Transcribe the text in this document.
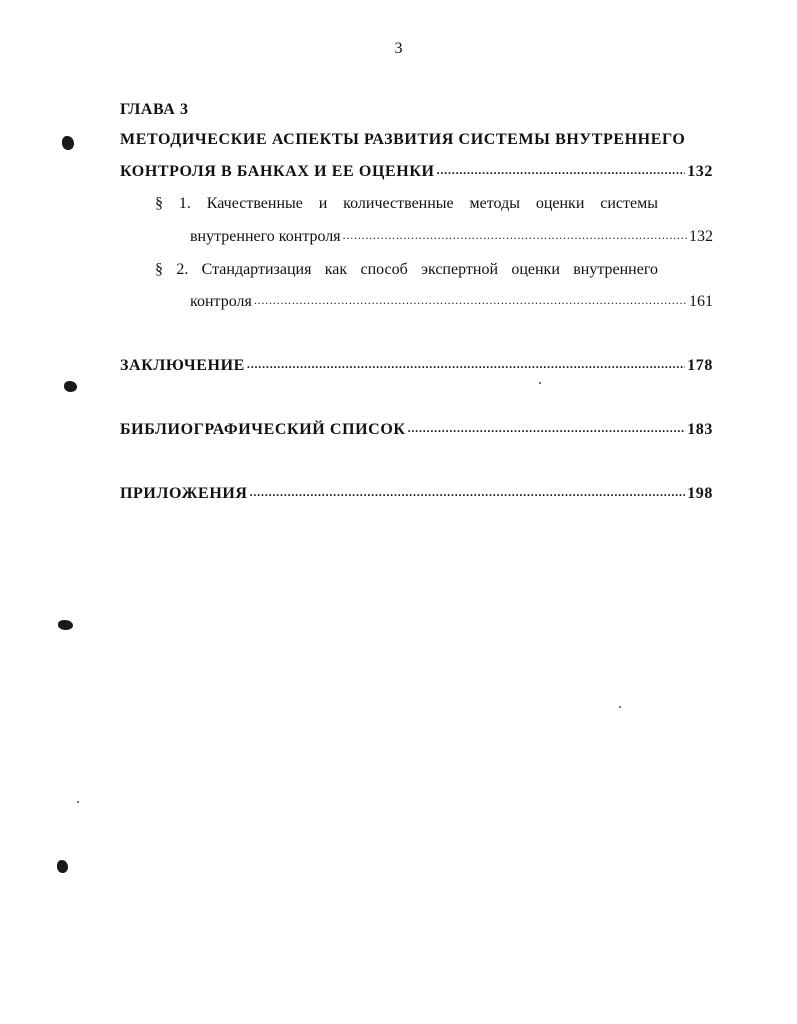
3
ГЛАВА 3
МЕТОДИЧЕСКИЕ АСПЕКТЫ РАЗВИТИЯ СИСТЕМЫ ВНУТРЕННЕГО
КОНТРОЛЯ В БАНКАХ И ЕЕ ОЦЕНКИ .....	132
§ 1. Качественные и количественные методы оценки системы
внутреннего контроля .....	132
§ 2. Стандартизация как способ экспертной оценки внутреннего
контроля .....	161
ЗАКЛЮЧЕНИЕ .....	178
БИБЛИОГРАФИЧЕСКИЙ СПИСОК .....	183
ПРИЛОЖЕНИЯ .....	198
